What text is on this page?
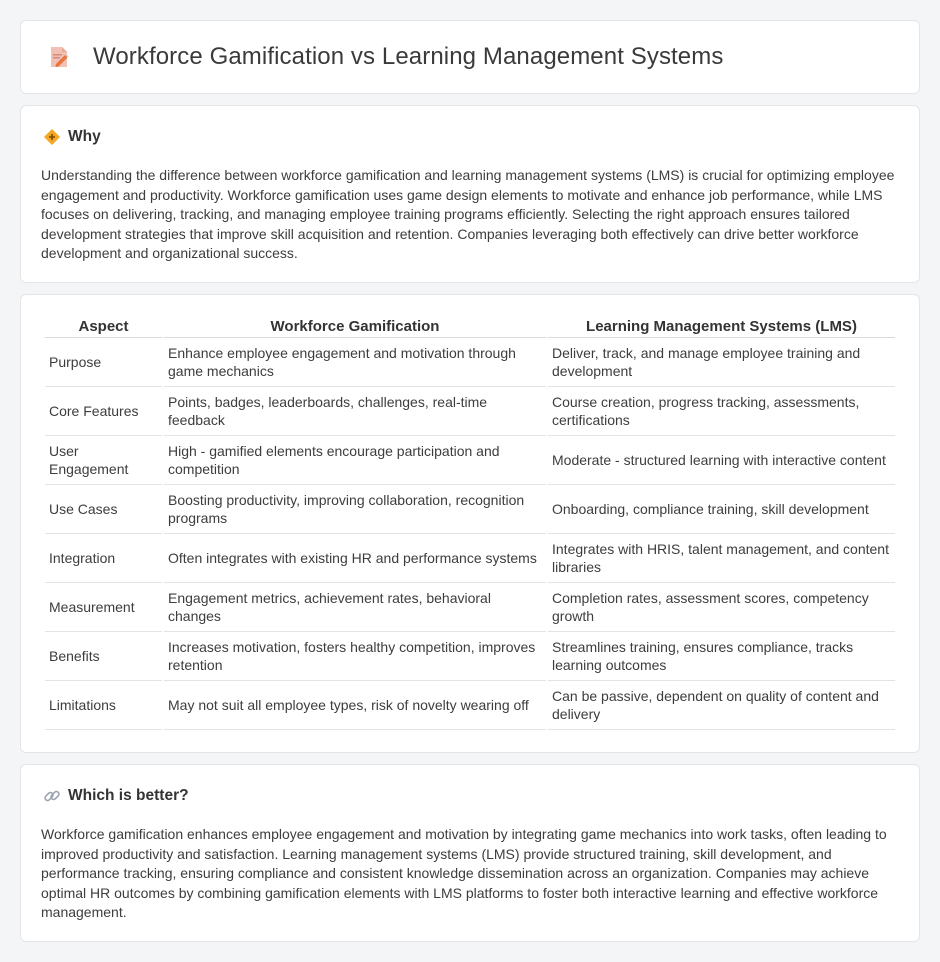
Workforce Gamification vs Learning Management Systems
Why

Understanding the difference between workforce gamification and learning management systems (LMS) is crucial for optimizing employee engagement and productivity. Workforce gamification uses game design elements to motivate and enhance job performance, while LMS focuses on delivering, tracking, and managing employee training programs efficiently. Selecting the right approach ensures tailored development strategies that improve skill acquisition and retention. Companies leveraging both effectively can drive better workforce development and organizational success.

Aspect	Workforce Gamification	Learning Management Systems (LMS)
Purpose	Enhance employee engagement and motivation through game mechanics	Deliver, track, and manage employee training and development
Core Features	Points, badges, leaderboards, challenges, real-time feedback	Course creation, progress tracking, assessments, certifications
User Engagement	High - gamified elements encourage participation and competition	Moderate - structured learning with interactive content
Use Cases	Boosting productivity, improving collaboration, recognition programs	Onboarding, compliance training, skill development
Integration	Often integrates with existing HR and performance systems	Integrates with HRIS, talent management, and content libraries
Measurement	Engagement metrics, achievement rates, behavioral changes	Completion rates, assessment scores, competency growth
Benefits	Increases motivation, fosters healthy competition, improves retention	Streamlines training, ensures compliance, tracks learning outcomes
Limitations	May not suit all employee types, risk of novelty wearing off	Can be passive, dependent on quality of content and delivery
Which is better?

Workforce gamification enhances employee engagement and motivation by integrating game mechanics into work tasks, often leading to improved productivity and satisfaction. Learning management systems (LMS) provide structured training, skill development, and performance tracking, ensuring compliance and consistent knowledge dissemination across an organization. Companies may achieve optimal HR outcomes by combining gamification elements with LMS platforms to foster both interactive learning and effective workforce management.
